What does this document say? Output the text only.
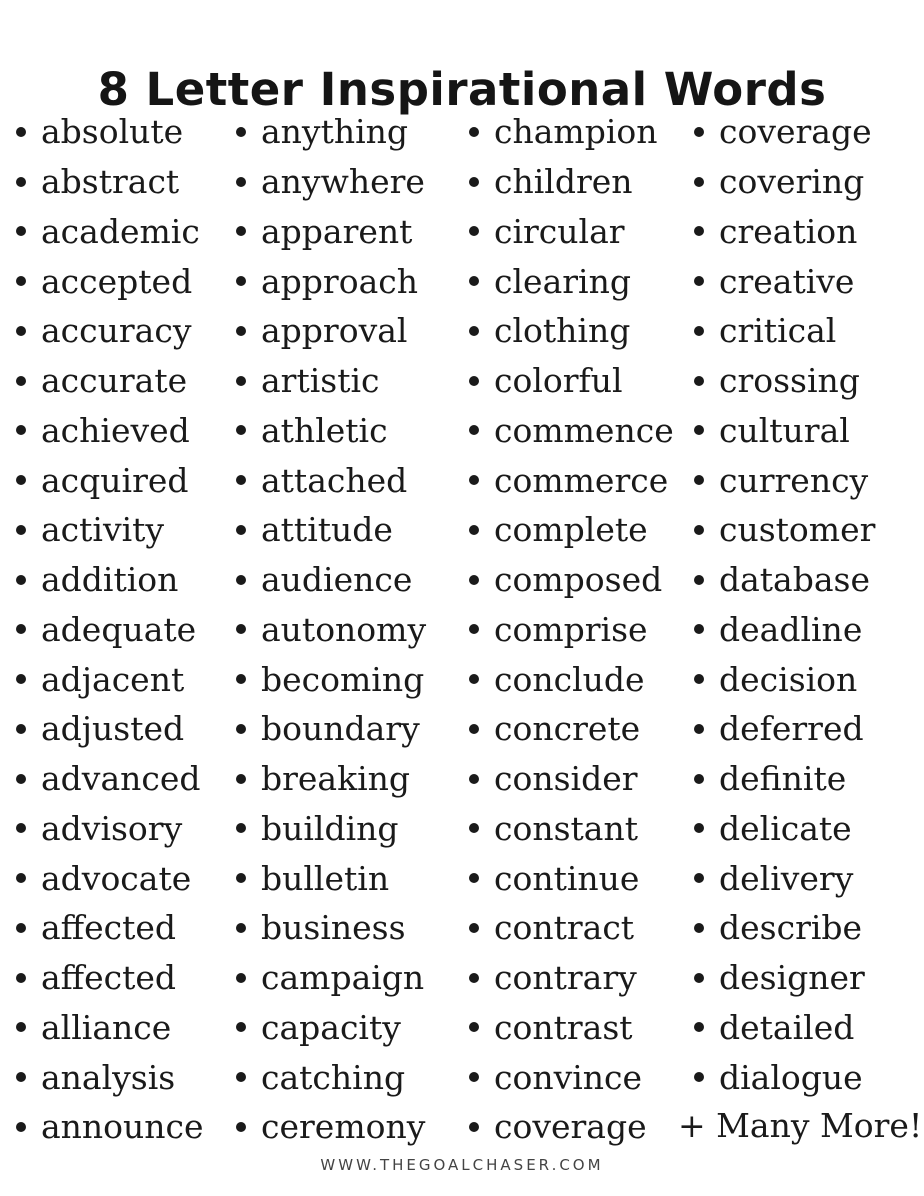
8 Letter Inspirational Words
absolute
abstract
academic
accepted
accuracy
accurate
achieved
acquired
activity
addition
adequate
adjacent
adjusted
advanced
advisory
advocate
affected
affected
alliance
analysis
announce
anything
anywhere
apparent
approach
approval
artistic
athletic
attached
attitude
audience
autonomy
becoming
boundary
breaking
building
bulletin
business
campaign
capacity
catching
ceremony
champion
children
circular
clearing
clothing
colorful
commence
commerce
complete
composed
comprise
conclude
concrete
consider
constant
continue
contract
contrary
contrast
convince
coverage
coverage
covering
creation
creative
critical
crossing
cultural
currency
customer
database
deadline
decision
deferred
definite
delicate
delivery
describe
designer
detailed
dialogue
+ Many More!
WWW.THEGOALCHASER.COM
